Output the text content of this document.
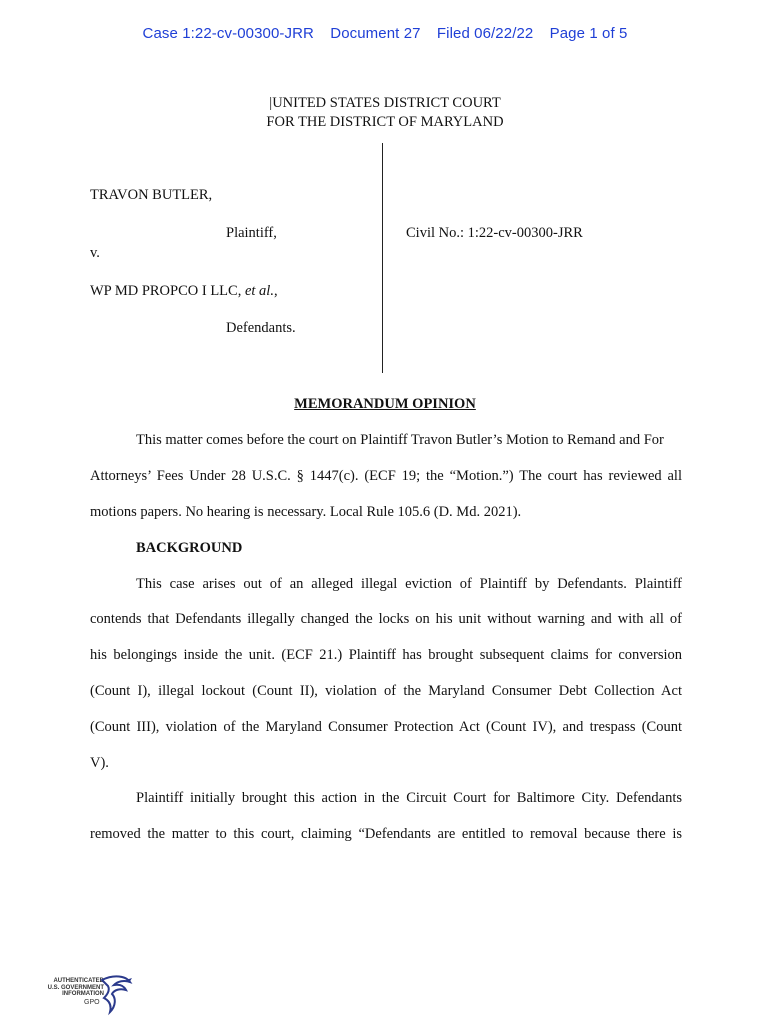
Case 1:22-cv-00300-JRR Document 27 Filed 06/22/22 Page 1 of 5
|UNITED STATES DISTRICT COURT
FOR THE DISTRICT OF MARYLAND
TRAVON BUTLER,
Plaintiff,
v.
WP MD PROPCO I LLC, et al.,
Defendants.
Civil No.: 1:22-cv-00300-JRR
MEMORANDUM OPINION
This matter comes before the court on Plaintiff Travon Butler’s Motion to Remand and For
Attorneys’ Fees Under 28 U.S.C. § 1447(c). (ECF 19; the “Motion.”) The court has reviewed all
motions papers. No hearing is necessary. Local Rule 105.6 (D. Md. 2021).
BACKGROUND
This case arises out of an alleged illegal eviction of Plaintiff by Defendants. Plaintiff
contends that Defendants illegally changed the locks on his unit without warning and with all of
his belongings inside the unit. (ECF 21.) Plaintiff has brought subsequent claims for conversion
(Count I), illegal lockout (Count II), violation of the Maryland Consumer Debt Collection Act
(Count III), violation of the Maryland Consumer Protection Act (Count IV), and trespass (Count
V).
Plaintiff initially brought this action in the Circuit Court for Baltimore City. Defendants
removed the matter to this court, claiming “Defendants are entitled to removal because there is
AUTHENTICATED
U.S. GOVERNMENT
INFORMATION
GPO
